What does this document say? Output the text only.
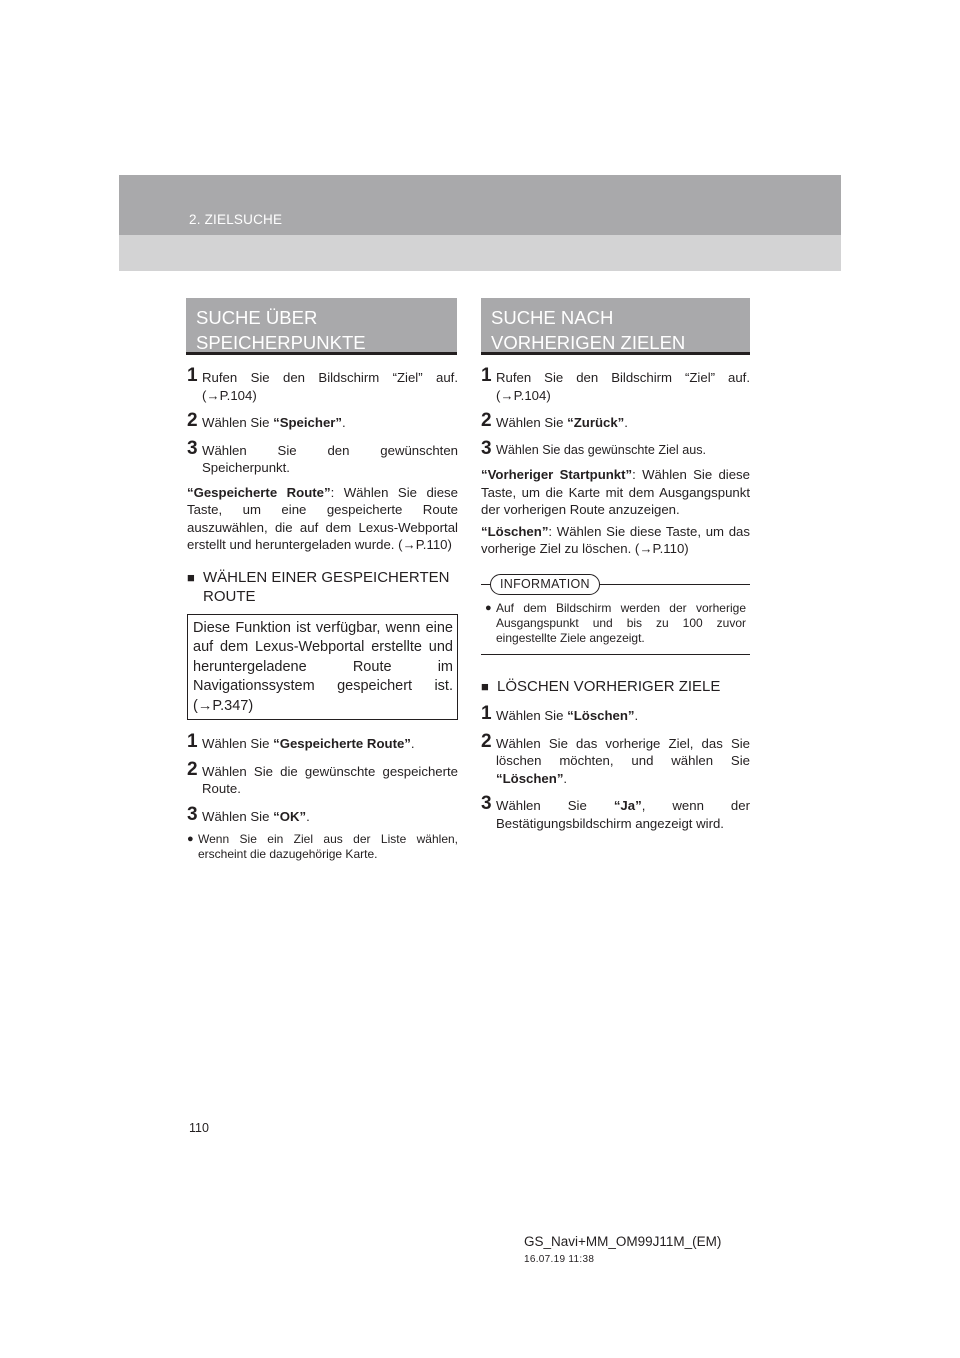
2. ZIELSUCHE
SUCHE ÜBER SPEICHERPUNKTE
SUCHE NACH VORHERIGEN ZIELEN
1 Rufen Sie den Bildschirm “Ziel” auf. (→P.104)
2 Wählen Sie “Speicher”.
3 Wählen Sie den gewünschten Speicherpunkt.

“Gespeicherte Route”: Wählen Sie diese Taste, um eine gespeicherte Route auszuwählen, die auf dem Lexus-Webportal erstellt und heruntergeladen wurde. (→P.110)

■ WÄHLEN EINER GESPEICHERTEN ROUTE
Diese Funktion ist verfügbar, wenn eine auf dem Lexus-Webportal erstellte und heruntergeladene Route im Navigationssystem gespeichert ist. (→P.347)
1 Wählen Sie “Gespeicherte Route”.
2 Wählen Sie die gewünschte gespeicherte Route.
3 Wählen Sie “OK”.
● Wenn Sie ein Ziel aus der Liste wählen, erscheint die dazugehörige Karte.
1 Rufen Sie den Bildschirm “Ziel” auf. (→P.104)
2 Wählen Sie “Zurück”.
3 Wählen Sie das gewünschte Ziel aus.

“Vorheriger Startpunkt”: Wählen Sie diese Taste, um die Karte mit dem Ausgangspunkt der vorherigen Route anzuzeigen.

“Löschen”: Wählen Sie diese Taste, um das vorherige Ziel zu löschen. (→P.110)

INFORMATION
● Auf dem Bildschirm werden der vorherige Ausgangspunkt und bis zu 100 zuvor eingestellte Ziele angezeigt.
■ LÖSCHEN VORHERIGER ZIELE
1 Wählen Sie “Löschen”.
2 Wählen Sie das vorherige Ziel, das Sie löschen möchten, und wählen Sie “Löschen”.
3 Wählen Sie “Ja”, wenn der Bestätigungsbildschirm angezeigt wird.
110
GS_Navi+MM_OM99J11M_(EM)
16.07.19 11:38
